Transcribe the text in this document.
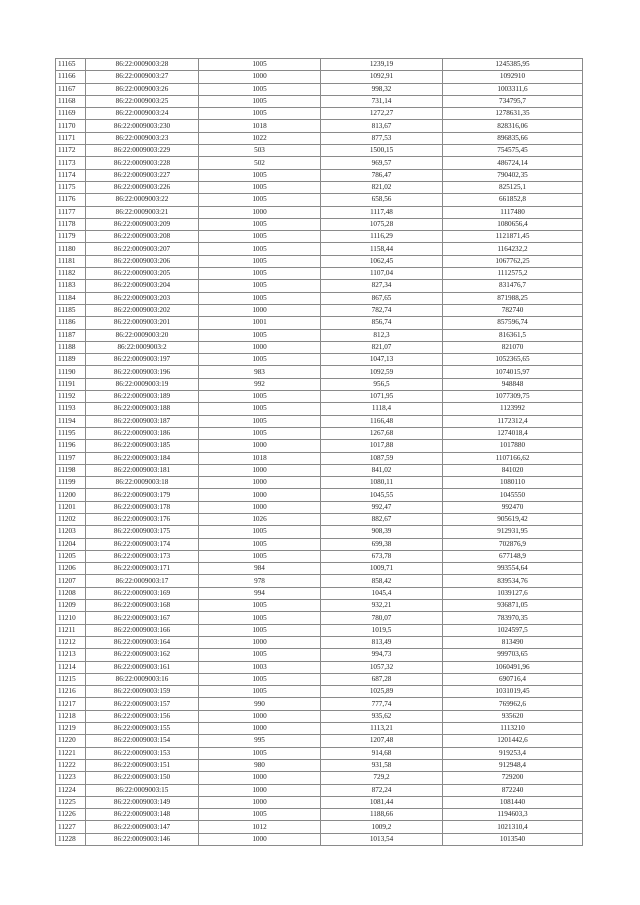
11165	86:22:0009003:28	1005	1239,19	1245385,95
11166	86:22:0009003:27	1000	1092,91	1092910
11167	86:22:0009003:26	1005	998,32	1003311,6
11168	86:22:0009003:25	1005	731,14	734795,7
11169	86:22:0009003:24	1005	1272,27	1278631,35
11170	86:22:0009003:230	1018	813,67	828316,06
11171	86:22:0009003:23	1022	877,53	896835,66
11172	86:22:0009003:229	503	1500,15	754575,45
11173	86:22:0009003:228	502	969,57	486724,14
11174	86:22:0009003:227	1005	786,47	790402,35
11175	86:22:0009003:226	1005	821,02	825125,1
11176	86:22:0009003:22	1005	658,56	661852,8
11177	86:22:0009003:21	1000	1117,48	1117480
11178	86:22:0009003:209	1005	1075,28	1080656,4
11179	86:22:0009003:208	1005	1116,29	1121871,45
11180	86:22:0009003:207	1005	1158,44	1164232,2
11181	86:22:0009003:206	1005	1062,45	1067762,25
11182	86:22:0009003:205	1005	1107,04	1112575,2
11183	86:22:0009003:204	1005	827,34	831476,7
11184	86:22:0009003:203	1005	867,65	871988,25
11185	86:22:0009003:202	1000	782,74	782740
11186	86:22:0009003:201	1001	856,74	857596,74
11187	86:22:0009003:20	1005	812,3	816361,5
11188	86:22:0009003:2	1000	821,07	821070
11189	86:22:0009003:197	1005	1047,13	1052365,65
11190	86:22:0009003:196	983	1092,59	1074015,97
11191	86:22:0009003:19	992	956,5	948848
11192	86:22:0009003:189	1005	1071,95	1077309,75
11193	86:22:0009003:188	1005	1118,4	1123992
11194	86:22:0009003:187	1005	1166,48	1172312,4
11195	86:22:0009003:186	1005	1267,68	1274018,4
11196	86:22:0009003:185	1000	1017,88	1017880
11197	86:22:0009003:184	1018	1087,59	1107166,62
11198	86:22:0009003:181	1000	841,02	841020
11199	86:22:0009003:18	1000	1080,11	1080110
11200	86:22:0009003:179	1000	1045,55	1045550
11201	86:22:0009003:178	1000	992,47	992470
11202	86:22:0009003:176	1026	882,67	905619,42
11203	86:22:0009003:175	1005	908,39	912931,95
11204	86:22:0009003:174	1005	699,38	702876,9
11205	86:22:0009003:173	1005	673,78	677148,9
11206	86:22:0009003:171	984	1009,71	993554,64
11207	86:22:0009003:17	978	858,42	839534,76
11208	86:22:0009003:169	994	1045,4	1039127,6
11209	86:22:0009003:168	1005	932,21	936871,05
11210	86:22:0009003:167	1005	780,07	783970,35
11211	86:22:0009003:166	1005	1019,5	1024597,5
11212	86:22:0009003:164	1000	813,49	813490
11213	86:22:0009003:162	1005	994,73	999703,65
11214	86:22:0009003:161	1003	1057,32	1060491,96
11215	86:22:0009003:16	1005	687,28	690716,4
11216	86:22:0009003:159	1005	1025,89	1031019,45
11217	86:22:0009003:157	990	777,74	769962,6
11218	86:22:0009003:156	1000	935,62	935620
11219	86:22:0009003:155	1000	1113,21	1113210
11220	86:22:0009003:154	995	1207,48	1201442,6
11221	86:22:0009003:153	1005	914,68	919253,4
11222	86:22:0009003:151	980	931,58	912948,4
11223	86:22:0009003:150	1000	729,2	729200
11224	86:22:0009003:15	1000	872,24	872240
11225	86:22:0009003:149	1000	1081,44	1081440
11226	86:22:0009003:148	1005	1188,66	1194603,3
11227	86:22:0009003:147	1012	1009,2	1021310,4
11228	86:22:0009003:146	1000	1013,54	1013540
